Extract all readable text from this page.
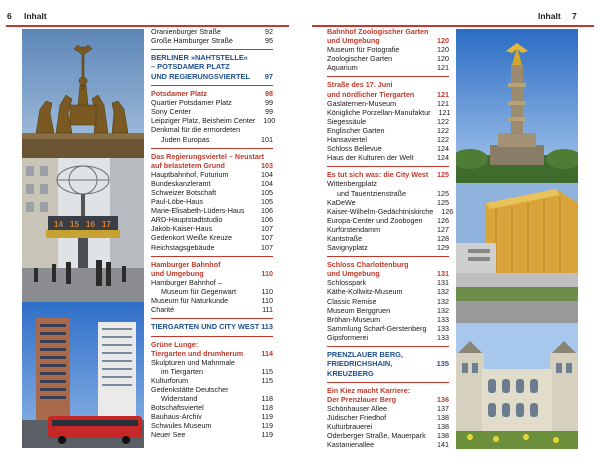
6 Inhalt	Inhalt 7
14 15 16 17
Oranienburger Straße	92
Große Hamburger Straße	95
BERLINER »NAHTSTELLE«
– POTSDAMER PLATZ
UND REGIERUNGSVIERTEL 97
Potsdamer Platz	98
Quartier Potsdamer Platz	99
Sony Center	99
Leipziger Platz, Beisheim Center	100
Denkmal für die ermordeten
Juden Europas	101
Das Regierungsviertel – Neustart
auf belastetem Grund	103
Hauptbahnhof, Futurium	104
Bundeskanzleramt	104
Schweizer Botschaft	105
Paul-Löbe-Haus	105
Marie-Elisabeth-Lüders-Haus	106
ARD-Hauptstadtstudio	106
Jakob-Kaiser-Haus	107
Gedenkort Weiße Kreuze	107
Reichstagsgebäude	107
Hamburger Bahnhof
und Umgebung	110
Hamburger Bahnhof –
Museum für Gegenwart	110
Museum für Naturkunde	110
Charité	111
TIERGARTEN UND CITY WEST 113
Grüne Lunge:
Tiergarten und drumherum	114
Skulpturen und Mahnmale
im Tiergarten	115
Kulturforum	115
Gedenkstätte Deutscher
Widerstand	118
Botschaftsviertel	118
Bauhaus-Archiv	119
Schwules Museum	119
Neuer See	119
Bahnhof Zoologischer Garten
und Umgebung	120
Museum für Fotografie	120
Zoologischer Garten	120
Aquarium	121
Straße des 17. Juni
und nördlicher Tiergarten	121
Gaslaternen-Museum	121
Königliche Porzellan-Manufaktur	121
Siegessäule	122
Englischer Garten	122
Hansaviertel	122
Schloss Bellevue	124
Haus der Kulturen der Welt	124
Es tut sich was: die City West 125
Wittenbergplatz
und Tauentzienstraße	125
KaDeWe	125
Kaiser-Wilhelm-Gedächtniskirche	126
Europa-Center und Zoobogen	126
Kurfürstendamm	127
Kantstraße	128
Savignyplatz	129
Schloss Charlottenburg
und Umgebung	131
Schlosspark	131
Käthe-Kollwitz-Museum	132
Classic Remise	132
Museum Berggruen	132
Bröhan-Museum	133
Sammlung Scharf-Gerstenberg	133
Gipsformerei	133
PRENZLAUER BERG,
FRIEDRICHSHAIN, KREUZBERG
135
Ein Kiez macht Karriere:
Der Prenzlauer Berg	136
Schönhauser Allee	137
Jüdischer Friedhof	138
Kulturbrauerei	138
Oderberger Straße, Mauerpark	138
Kastanienallee	141
